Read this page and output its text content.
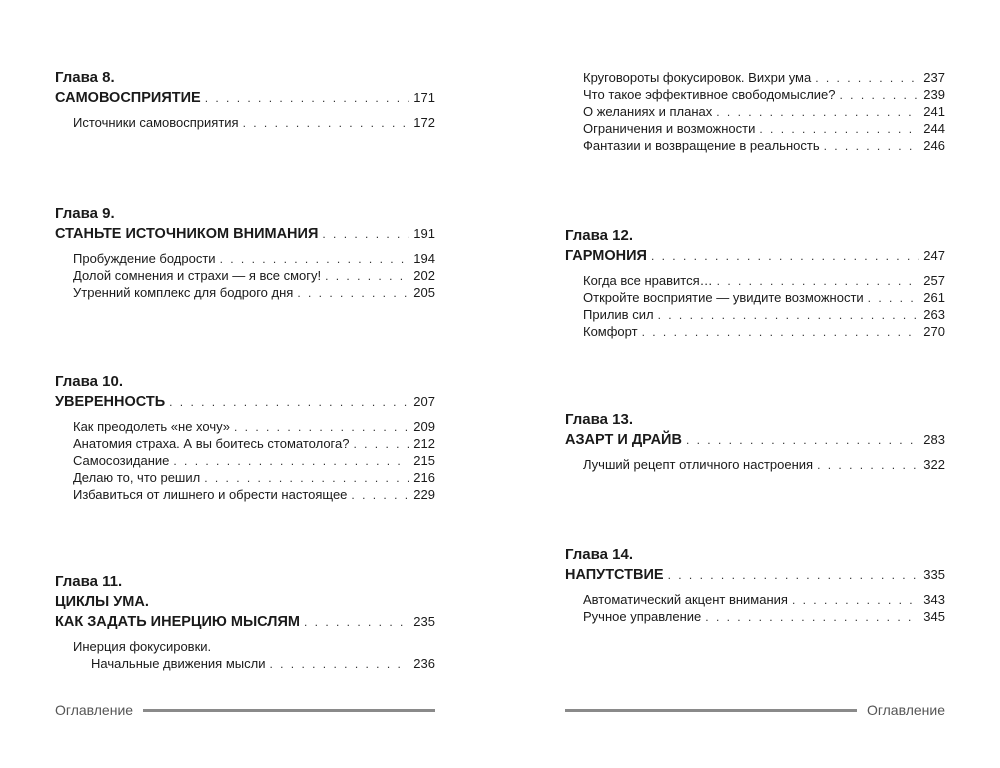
Глава 8.
САМОВОСПРИЯТИЕ . . .	171
Источники самовосприятия . . .	172
Глава 9.
СТАНЬТЕ ИСТОЧНИКОМ ВНИМАНИЯ . . .	191
Пробуждение бодрости . . .	194
Долой сомнения и страхи — я все смогу! . . .	202
Утренний комплекс для бодрого дня . . .	205
Глава 10.
УВЕРЕННОСТЬ . . .	207
Как преодолеть «не хочу» . . .	209
Анатомия страха. А вы боитесь стоматолога? . . .	212
Самосозидание . . .	215
Делаю то, что решил . . .	216
Избавиться от лишнего и обрести настоящее . . .	229
Глава 11.
ЦИКЛЫ УМА.
КАК ЗАДАТЬ ИНЕРЦИЮ МЫСЛЯМ . . .	235
Инерция фокусировки.
Начальные движения мысли . . .	236
Оглавление
Круговороты фокусировок. Вихри ума . . .	237
Что такое эффективное свободомыслие? . . .	239
О желаниях и планах . . .	241
Ограничения и возможности . . .	244
Фантазии и возвращение в реальность . . .	246
Глава 12.
ГАРМОНИЯ . . .	247
Когда все нравится… . . .	257
Откройте восприятие — увидите возможности . . .	261
Прилив сил . . .	263
Комфорт . . .	270
Глава 13.
АЗАРТ И ДРАЙВ . . .	283
Лучший рецепт отличного настроения . . .	322
Глава 14.
НАПУТСТВИЕ . . .	335
Автоматический акцент внимания . . .	343
Ручное управление . . .	345
Оглавление
